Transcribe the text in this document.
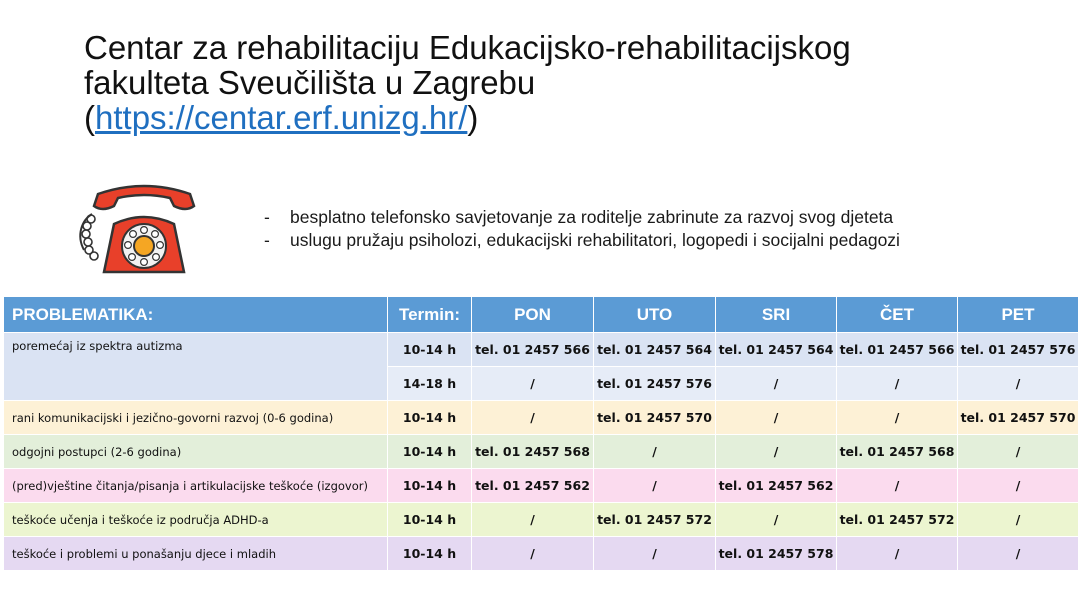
Centar za rehabilitaciju Edukacijsko-rehabilitacijskog
fakulteta Sveučilišta u Zagrebu
(https://centar.erf.unizg.hr/)
- besplatno telefonsko savjetovanje za roditelje zabrinute za razvoj svog djeteta
- uslugu pružaju psiholozi, edukacijski rehabilitatori, logopedi i socijalni pedagozi
PROBLEMATIKA:	Termin:	PON	UTO	SRI	ČET	PET
poremećaj iz spektra autizma	10-14 h	tel. 01 2457 566	tel. 01 2457 564	tel. 01 2457 564	tel. 01 2457 566	tel. 01 2457 576
	14-18 h	/	tel. 01 2457 576	/	/	/
rani komunikacijski i jezično-govorni razvoj (0-6 godina)	10-14 h	/	tel. 01 2457 570	/	/	tel. 01 2457 570
odgojni postupci (2-6 godina)	10-14 h	tel. 01 2457 568	/	/	tel. 01 2457 568	/
(pred)vještine čitanja/pisanja i artikulacijske teškoće (izgovor)	10-14 h	tel. 01 2457 562	/	tel. 01 2457 562	/	/
teškoće učenja i teškoće iz područja ADHD-a	10-14 h	/	tel. 01 2457 572	/	tel. 01 2457 572	/
teškoće i problemi u ponašanju djece i mladih	10-14 h	/	/	tel. 01 2457 578	/	/
